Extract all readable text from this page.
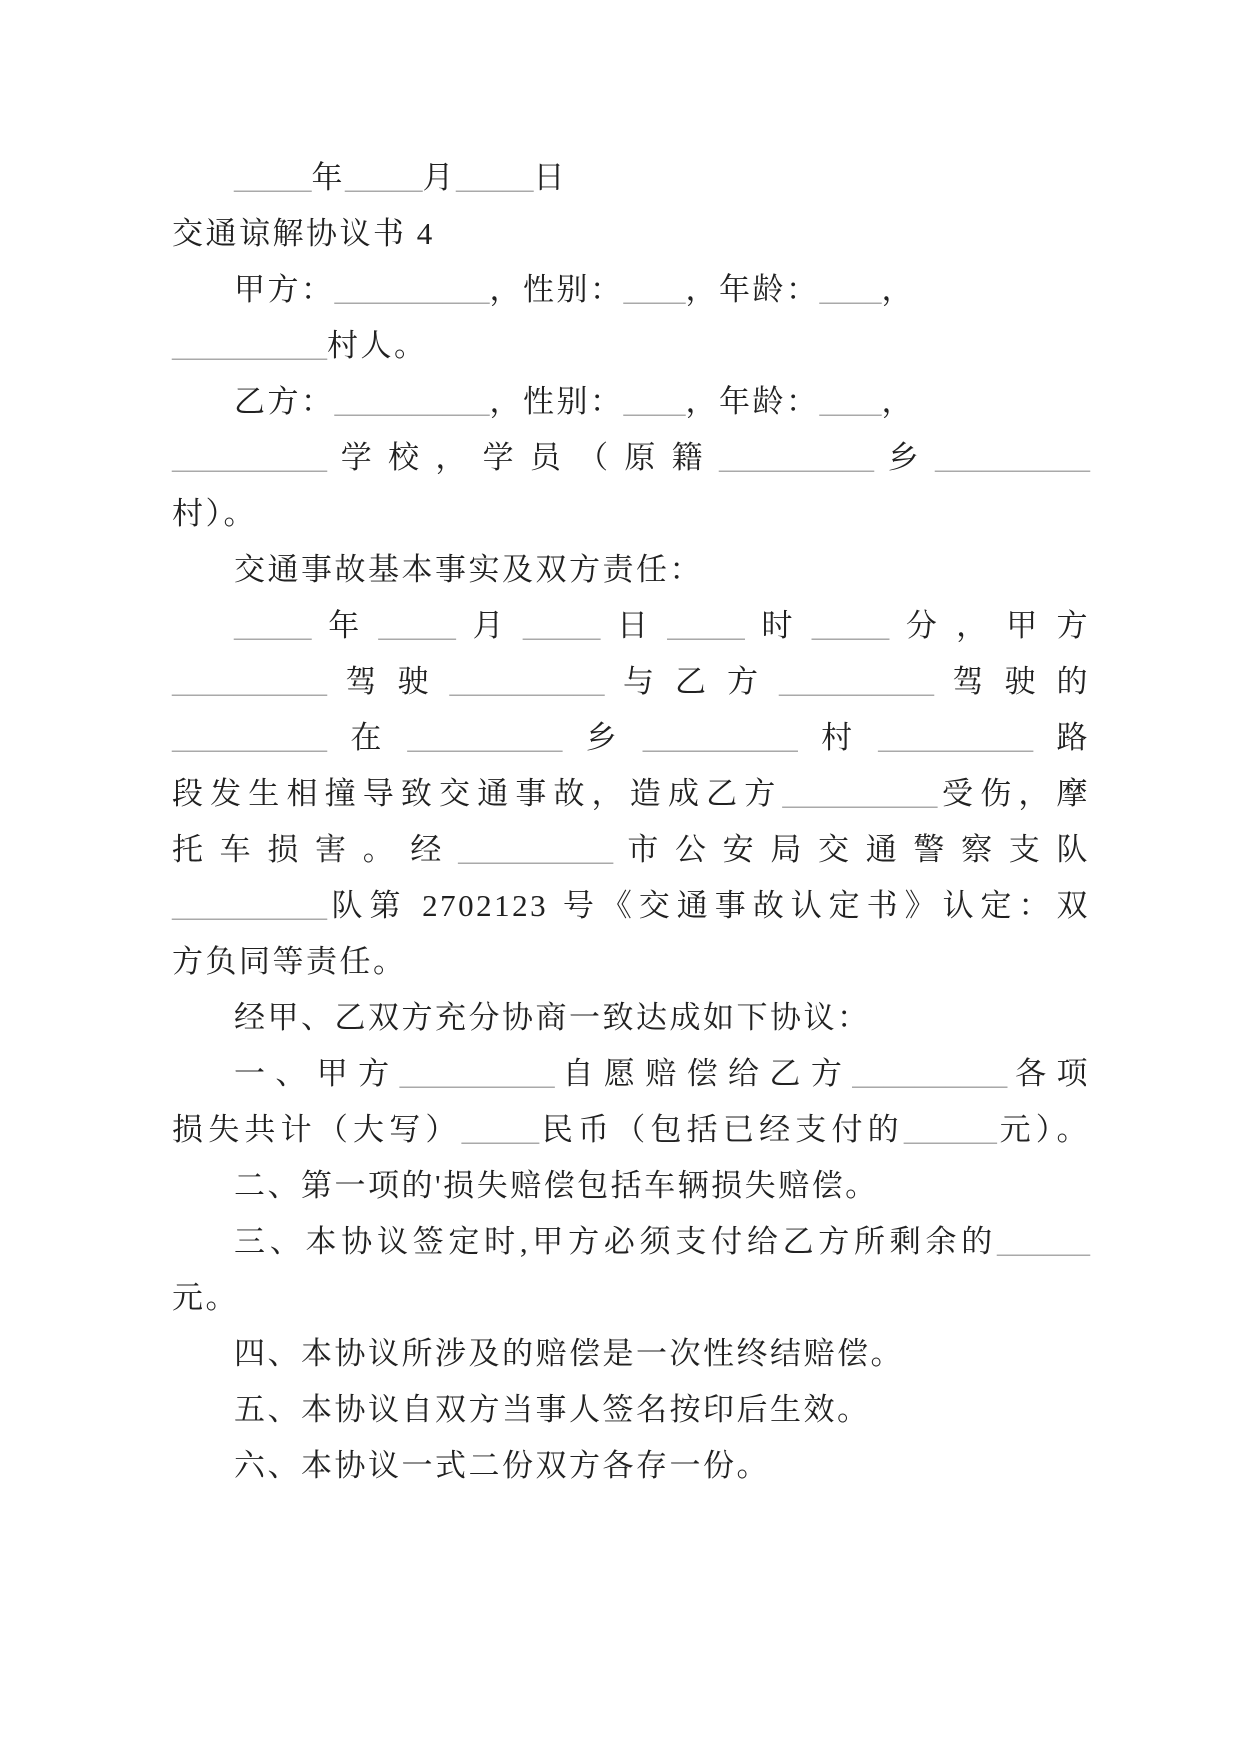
_____年_____月_____日
交通谅解协议书 4
甲方：__________，性别：____，年龄：____，
__________村人。
乙方：__________，性别：____，年龄：____，
__________学校，学员（原籍__________乡__________
村）。
交通事故基本事实及双方责任：
_____年_____月_____日_____时_____分，甲方
__________驾驶__________与乙方__________驾驶的
__________在__________乡__________村__________路
段发生相撞导致交通事故，造成乙方__________受伤，摩
托车损害。经__________市公安局交通警察支队
__________队第 2702123 号《交通事故认定书》认定：双
方负同等责任。
经甲、乙双方充分协商一致达成如下协议：
一、甲方__________自愿赔偿给乙方__________各项
损失共计（大写）_____民币（包括已经支付的______元）。
二、第一项的'损失赔偿包括车辆损失赔偿。
三、本协议签定时,甲方必须支付给乙方所剩余的______
元。
四、本协议所涉及的赔偿是一次性终结赔偿。
五、本协议自双方当事人签名按印后生效。
六、本协议一式二份双方各存一份。
